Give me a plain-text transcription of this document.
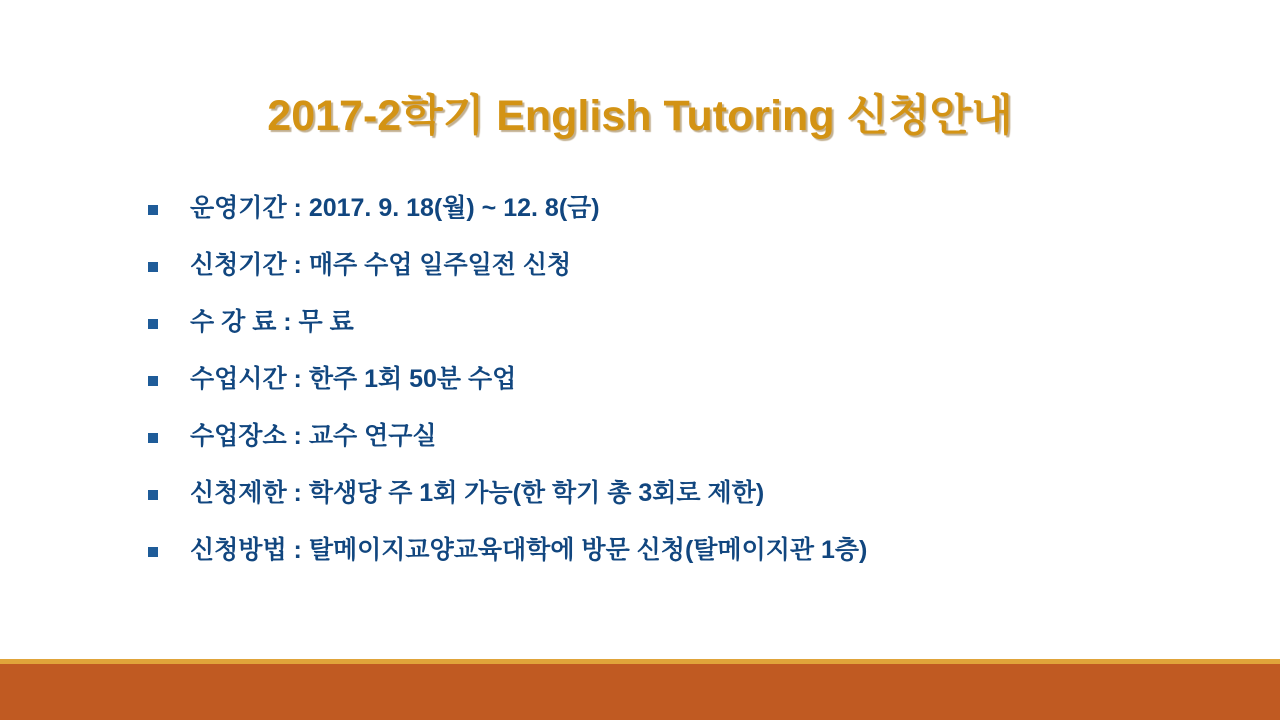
2017-2학기 English Tutoring 신청안내
운영기간 : 2017. 9. 18(월) ~ 12. 8(금)
신청기간 : 매주 수업 일주일전 신청
수 강 료 : 무 료
수업시간 : 한주 1회 50분 수업
수업장소 : 교수 연구실
신청제한 : 학생당 주 1회 가능(한 학기 총 3회로 제한)
신청방법 : 탈메이지교양교육대학에 방문 신청(탈메이지관 1층)
